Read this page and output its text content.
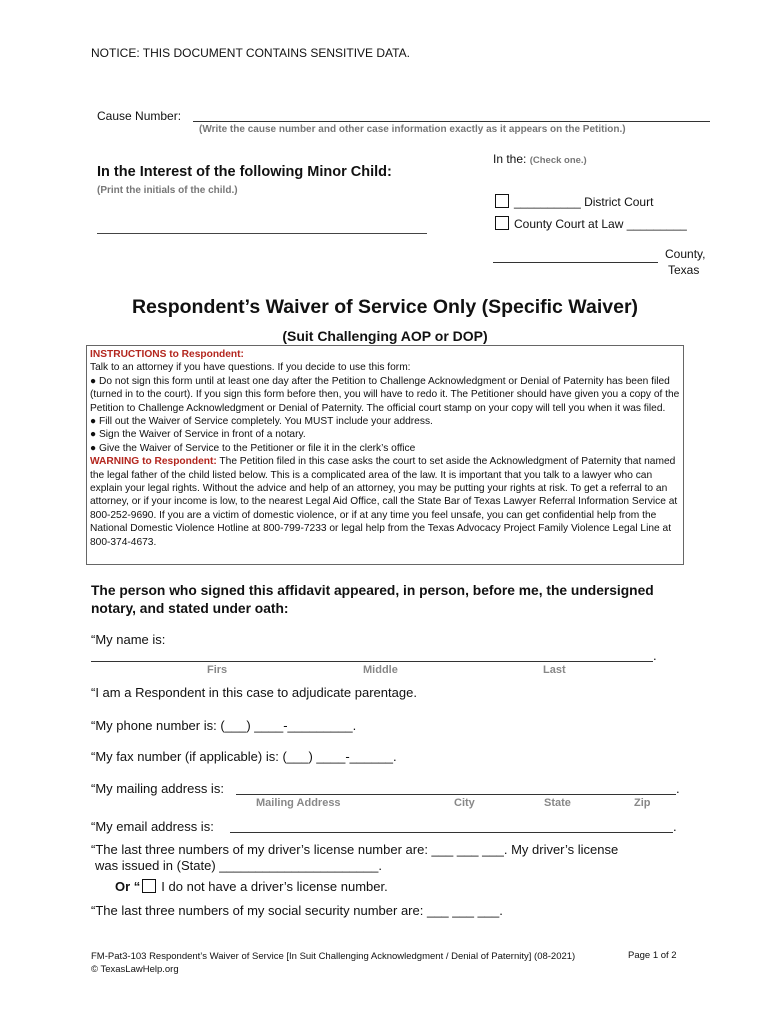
NOTICE: THIS DOCUMENT CONTAINS SENSITIVE DATA.
Cause Number:
(Write the cause number and other case information exactly as it appears on the Petition.)
In the Interest of the following Minor Child:
(Print the initials of the child.)
In the: (Check one.)
__________ District Court
County Court at Law _________
County,
Texas
Respondent’s Waiver of Service Only (Specific Waiver)
(Suit Challenging AOP or DOP)

INSTRUCTIONS to Respondent:

Talk to an attorney if you have questions. If you decide to use this form:
● Do not sign this form until at least one day after the Petition to Challenge Acknowledgment or Denial of Paternity has been filed (turned in to the court). If you sign this form before then, you will have to redo it. The Petitioner should have given you a copy of the Petition to Challenge Acknowledgment or Denial of Paternity. The official court stamp on your copy will tell you when it was filed.
● Fill out the Waiver of Service completely. You MUST include your address.
● Sign the Waiver of Service in front of a notary.
● Give the Waiver of Service to the Petitioner or file it in the clerk’s office

WARNING to Respondent: The Petition filed in this case asks the court to set aside the Acknowledgment of Paternity that named the legal father of the child listed below. This is a complicated area of the law. It is important that you talk to a lawyer who can explain your legal rights. Without the advice and help of an attorney, you may be putting your rights at risk. To get a referral to an attorney, or if your income is low, to the nearest Legal Aid Office, call the State Bar of Texas Lawyer Referral Information Service at 800-252-9690. If you are a victim of domestic violence, or if at any time you feel unsafe, you can get confidential help from the National Domestic Violence Hotline at 800-799-7233 or legal help from the Texas Advocacy Project Family Violence Legal Line at 800-374-4673.

The person who signed this affidavit appeared, in person, before me, the undersigned notary, and stated under oath:
“My name is:
.
Firs	Middle	Last
“I am a Respondent in this case to adjudicate parentage.
“My phone number is: (___) ____-_________.
“My fax number (if applicable) is: (___) ____-______.
“My mailing address is:	.
Mailing Address	City	State	Zip
“My email address is:	.
“The last three numbers of my driver’s license number are: ___ ___ ___. My driver’s license
was issued in (State) ______________________.
Or “ I do not have a driver’s license number.
“The last three numbers of my social security number are: ___ ___ ___.
FM-Pat3-103 Respondent’s Waiver of Service [In Suit Challenging Acknowledgment / Denial of Paternity] (08-2021)
© TexasLawHelp.org
Page 1 of 2
